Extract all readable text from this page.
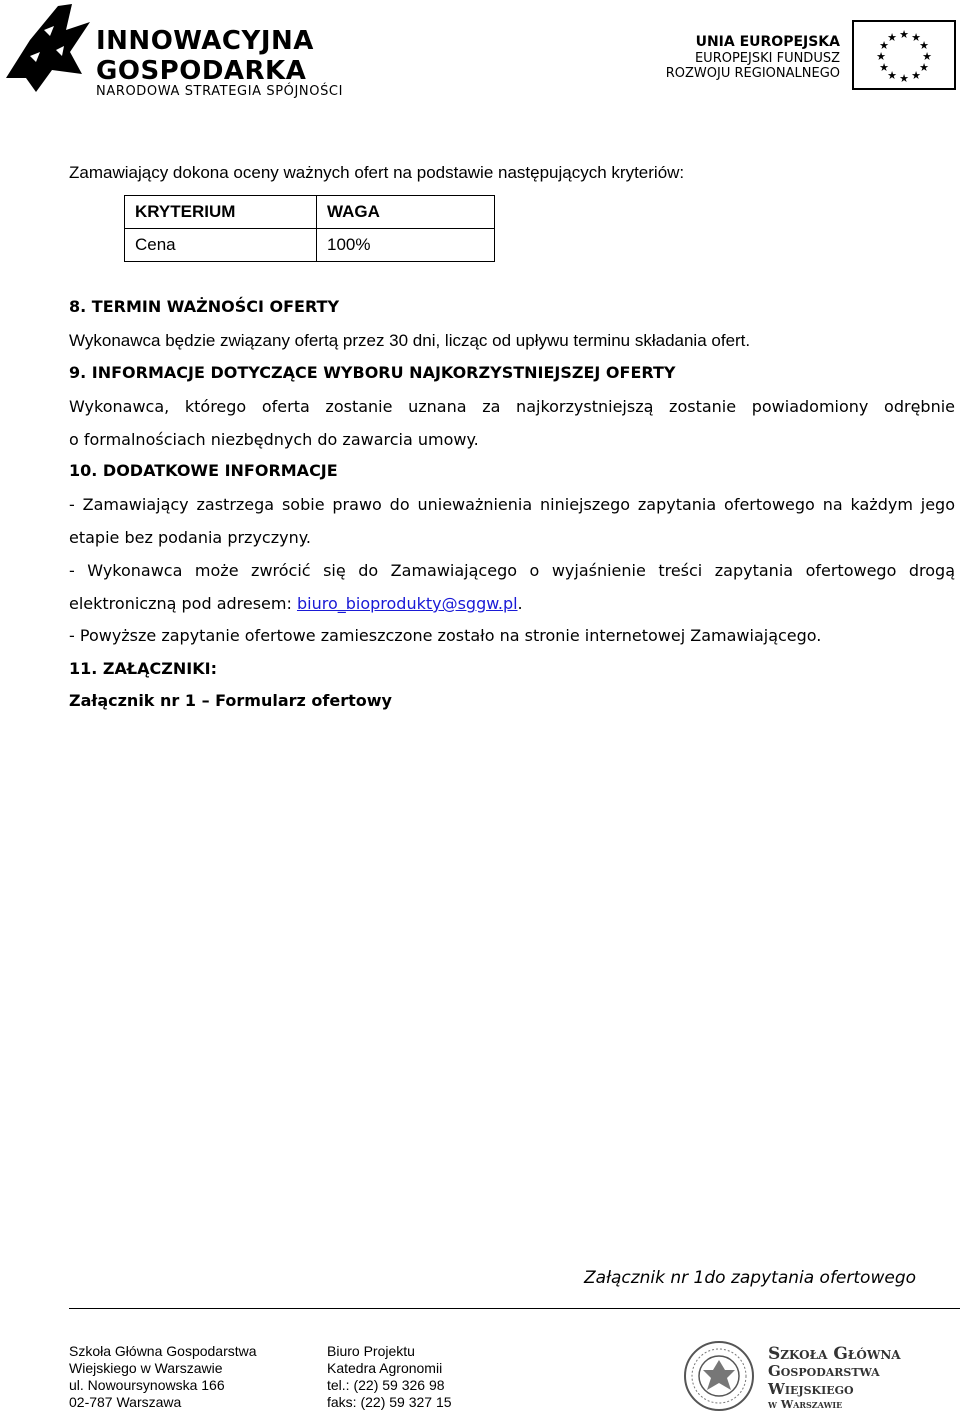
INNOWACYJNA
GOSPODARKA
NARODOWA STRATEGIA SPÓJNOŚCI
UNIA EUROPEJSKA
EUROPEJSKI FUNDUSZ
ROZWOJU REGIONALNEGO
★ ★
★
★
★
★
★
★
★
★
★
★
Zamawiający dokona oceny ważnych ofert na podstawie następujących kryteriów:
KRYTERIUM	WAGA
Cena	100%
8. TERMIN WAŻNOŚCI OFERTY
Wykonawca będzie związany ofertą przez 30 dni, licząc od upływu terminu składania ofert.
9. INFORMACJE DOTYCZĄCE WYBORU NAJKORZYSTNIEJSZEJ OFERTY
Wykonawca, którego oferta zostanie uznana za najkorzystniejszą zostanie powiadomiony odrębnie
o formalnościach niezbędnych do zawarcia umowy.
10. DODATKOWE INFORMACJE
- Zamawiający zastrzega sobie prawo do unieważnienia niniejszego zapytania ofertowego na każdym jego
etapie bez podania przyczyny.
- Wykonawca może zwrócić się do Zamawiającego o wyjaśnienie treści zapytania ofertowego drogą
elektroniczną pod adresem: biuro_bioprodukty@sggw.pl.
- Powyższe zapytanie ofertowe zamieszczone zostało na stronie internetowej Zamawiającego.
11. ZAŁĄCZNIKI:
Załącznik nr 1 – Formularz ofertowy
Załącznik nr 1do zapytania ofertowego
Szkoła Główna Gospodarstwa
Wiejskiego w Warszawie
ul. Nowoursynowska 166
02-787 Warszawa
Biuro Projektu
Katedra Agronomii
tel.: (22) 59 326 98
faks: (22) 59 327 15
Szkoła Główna
Gospodarstwa
Wiejskiego
w Warszawie
